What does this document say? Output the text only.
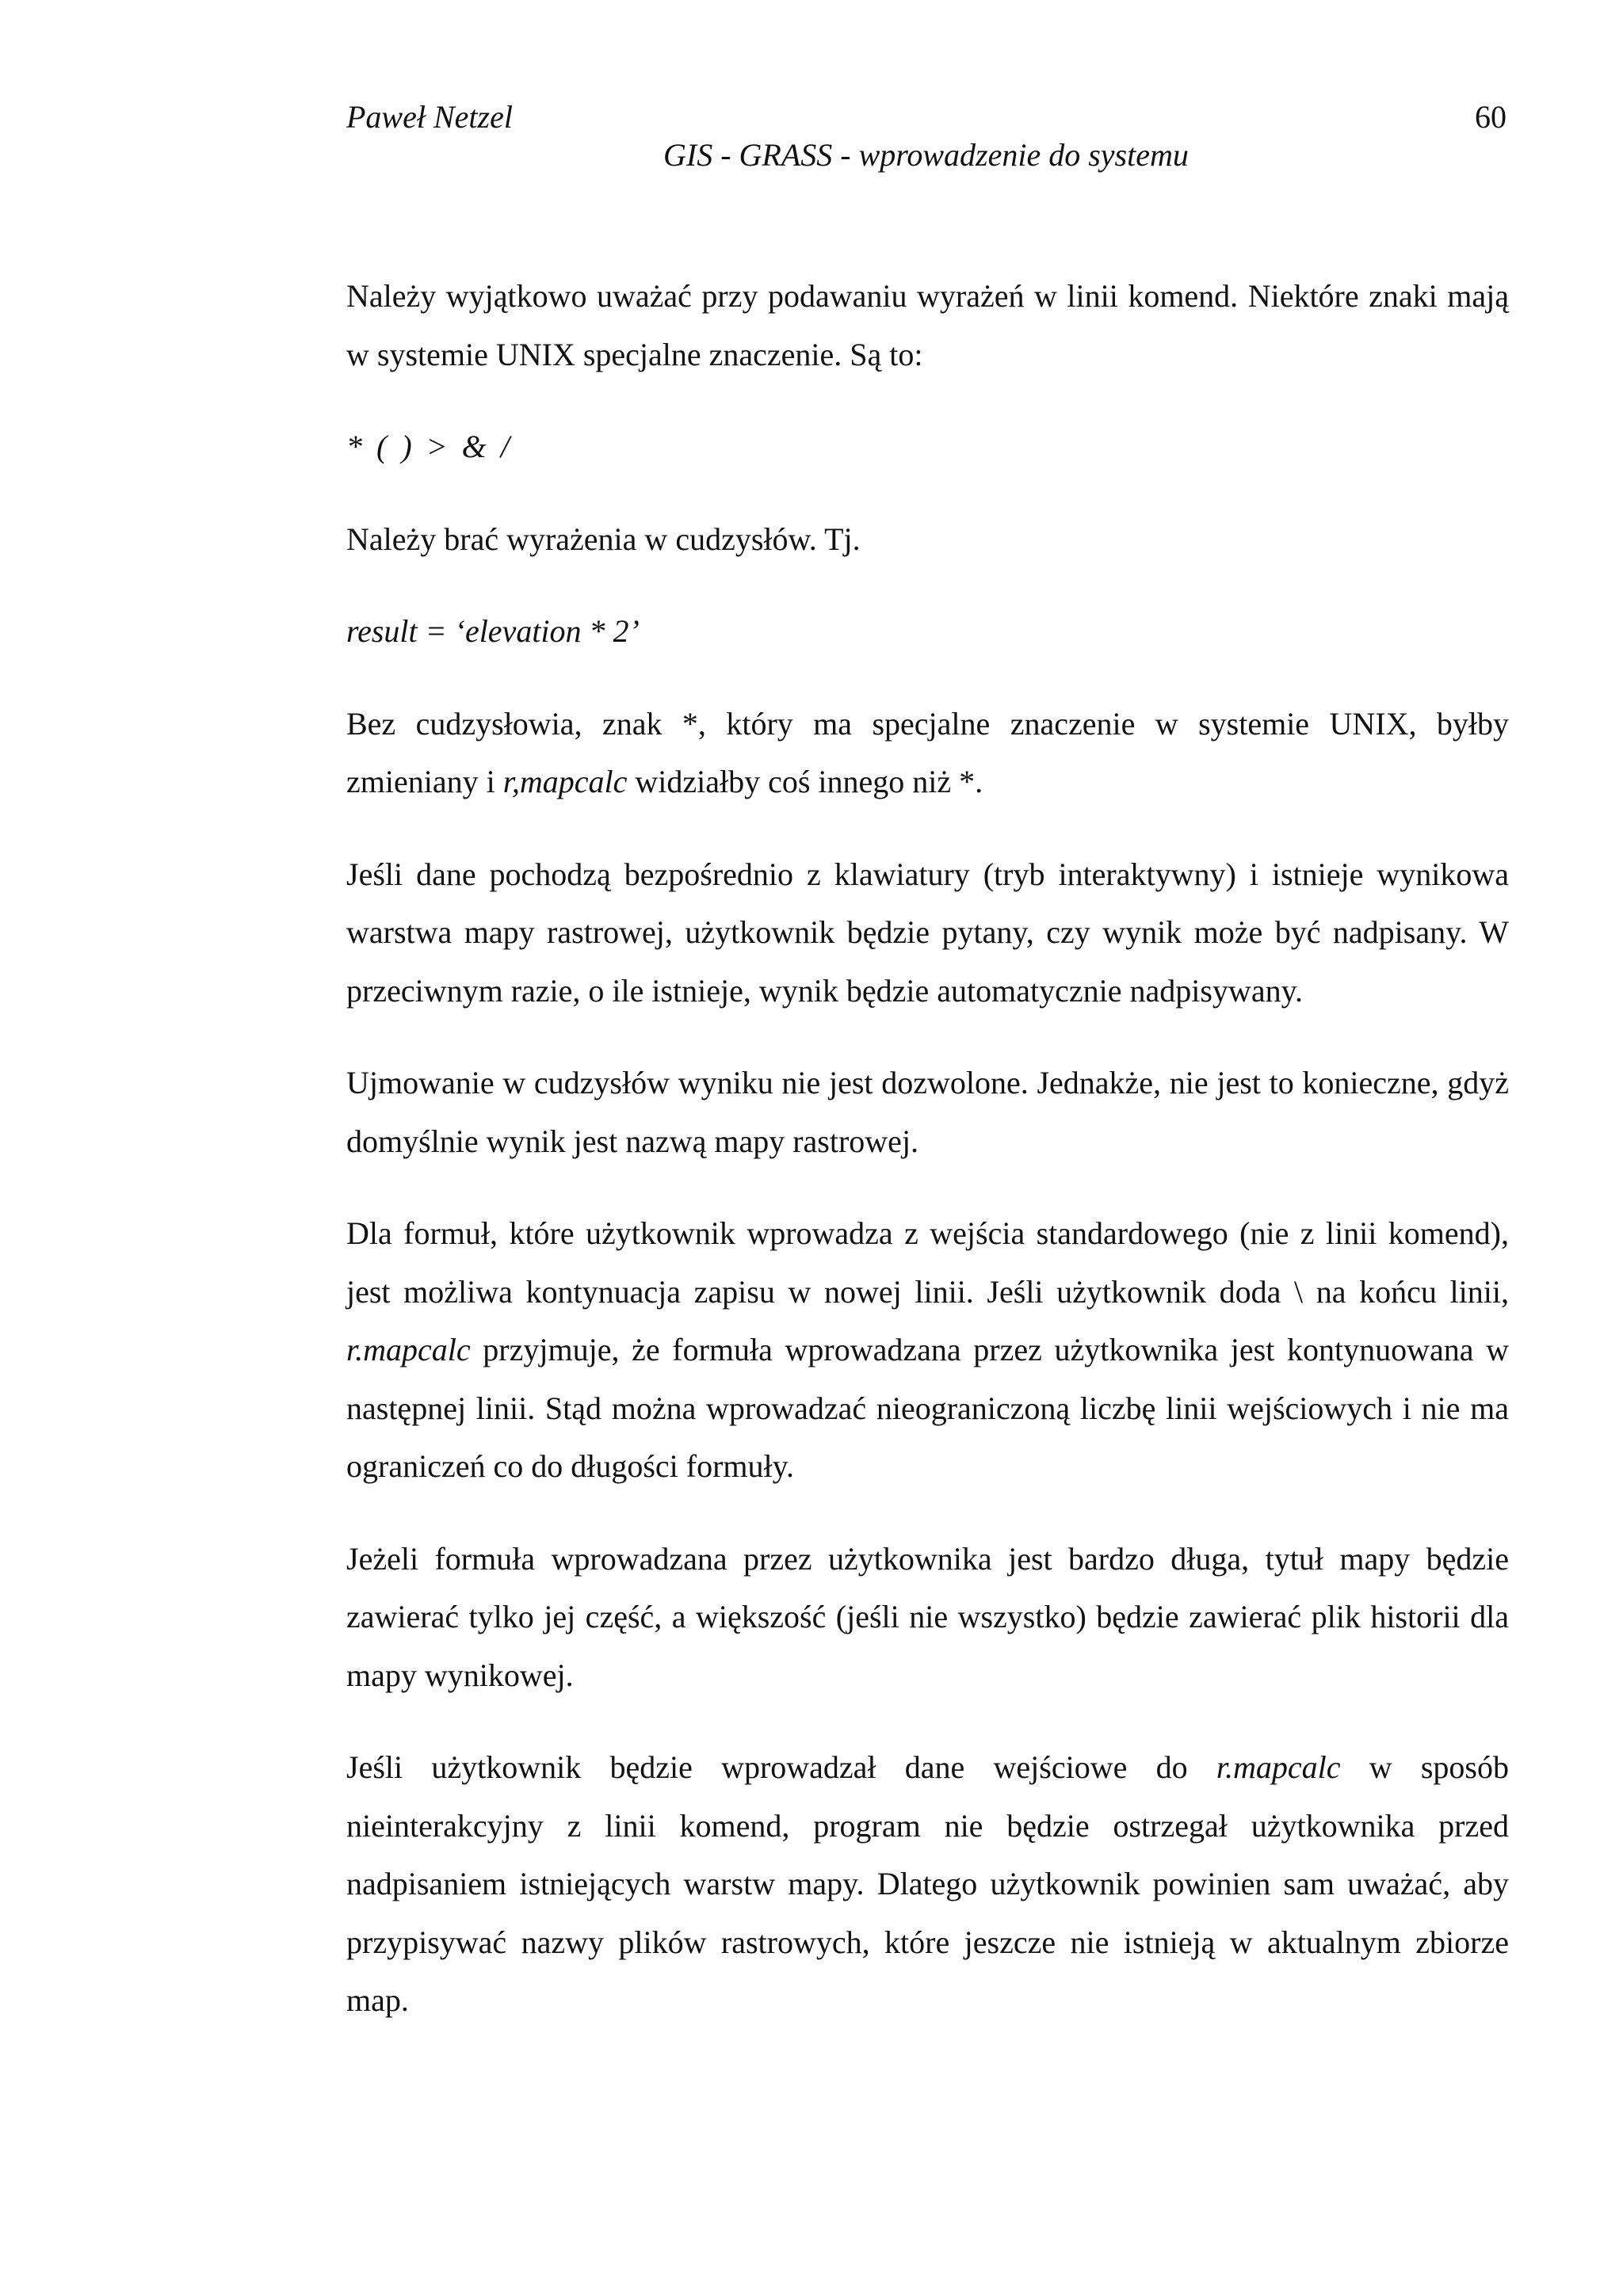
Paweł Netzel	60
GIS - GRASS - wprowadzenie do systemu

Należy wyjątkowo uważać przy podawaniu wyrażeń w linii komend. Niektóre znaki mają w systemie UNIX specjalne znaczenie. Są to:

* ( ) > & /

Należy brać wyrażenia w cudzysłów. Tj.

result = ‘elevation * 2’

Bez cudzysłowia, znak *, który ma specjalne znaczenie w systemie UNIX, byłby zmieniany i r,mapcalc widziałby coś innego niż *.

Jeśli dane pochodzą bezpośrednio z klawiatury (tryb interaktywny) i istnieje wynikowa warstwa mapy rastrowej, użytkownik będzie pytany, czy wynik może być nadpisany. W przeciwnym razie, o ile istnieje, wynik będzie automatycznie nadpisywany.

Ujmowanie w cudzysłów wyniku nie jest dozwolone. Jednakże, nie jest to konieczne, gdyż domyślnie wynik jest nazwą mapy rastrowej.

Dla formuł, które użytkownik wprowadza z wejścia standardowego (nie z linii komend), jest możliwa kontynuacja zapisu w nowej linii. Jeśli użytkownik doda \ na końcu linii, r.mapcalc przyjmuje, że formuła wprowadzana przez użytkownika jest kontynuowana w następnej linii. Stąd można wprowadzać nieograniczoną liczbę linii wejściowych i nie ma ograniczeń co do długości formuły.

Jeżeli formuła wprowadzana przez użytkownika jest bardzo długa, tytuł mapy będzie zawierać tylko jej część, a większość (jeśli nie wszystko) będzie zawierać plik historii dla mapy wynikowej.

Jeśli użytkownik będzie wprowadzał dane wejściowe do r.mapcalc w sposób nieinterakcyjny z linii komend, program nie będzie ostrzegał użytkownika przed nadpisaniem istniejących warstw mapy. Dlatego użytkownik powinien sam uważać, aby przypisywać nazwy plików rastrowych, które jeszcze nie istnieją w aktualnym zbiorze map.
